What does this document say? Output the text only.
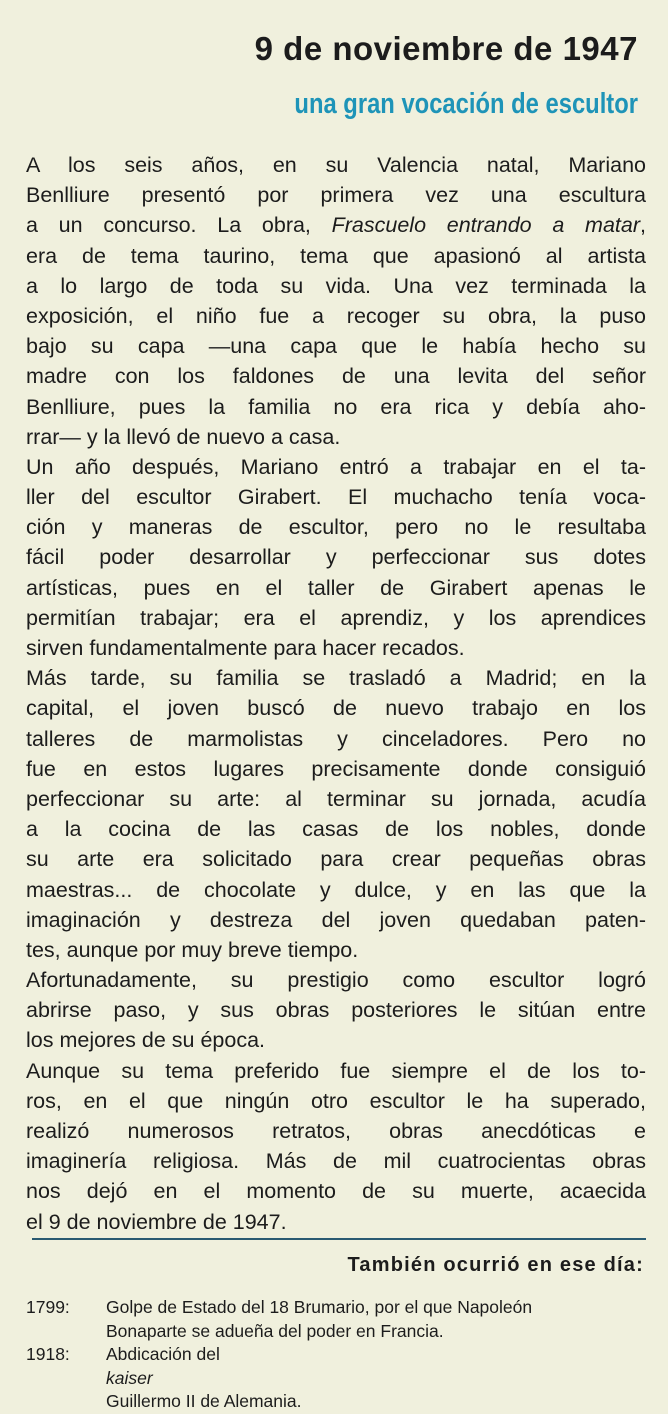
9 de noviembre de 1947
una gran vocación de escultor
A los seis años, en su Valencia natal, Mariano
Benlliure presentó por primera vez una escultura
a un concurso. La obra, Frascuelo entrando a matar,
era de tema taurino, tema que apasionó al artista
a lo largo de toda su vida. Una vez terminada la
exposición, el niño fue a recoger su obra, la puso
bajo su capa —una capa que le había hecho su
madre con los faldones de una levita del señor
Benlliure, pues la familia no era rica y debía aho-
rrar— y la llevó de nuevo a casa.
Un año después, Mariano entró a trabajar en el ta-
ller del escultor Girabert. El muchacho tenía voca-
ción y maneras de escultor, pero no le resultaba
fácil poder desarrollar y perfeccionar sus dotes
artísticas, pues en el taller de Girabert apenas le
permitían trabajar; era el aprendiz, y los aprendices
sirven fundamentalmente para hacer recados.
Más tarde, su familia se trasladó a Madrid; en la
capital, el joven buscó de nuevo trabajo en los
talleres de marmolistas y cinceladores. Pero no
fue en estos lugares precisamente donde consiguió
perfeccionar su arte: al terminar su jornada, acudía
a la cocina de las casas de los nobles, donde
su arte era solicitado para crear pequeñas obras
maestras... de chocolate y dulce, y en las que la
imaginación y destreza del joven quedaban paten-
tes, aunque por muy breve tiempo.
Afortunadamente, su prestigio como escultor logró
abrirse paso, y sus obras posteriores le sitúan entre
los mejores de su época.
Aunque su tema preferido fue siempre el de los to-
ros, en el que ningún otro escultor le ha superado,
realizó numerosos retratos, obras anecdóticas e
imaginería religiosa. Más de mil cuatrocientas obras
nos dejó en el momento de su muerte, acaecida
el 9 de noviembre de 1947.
También ocurrió en ese día:
1799:	Golpe de Estado del 18 Brumario, por el que Napoleón
Bonaparte se adueña del poder en Francia.
1918:	Abdicación del
kaiser
Guillermo II de Alemania.
